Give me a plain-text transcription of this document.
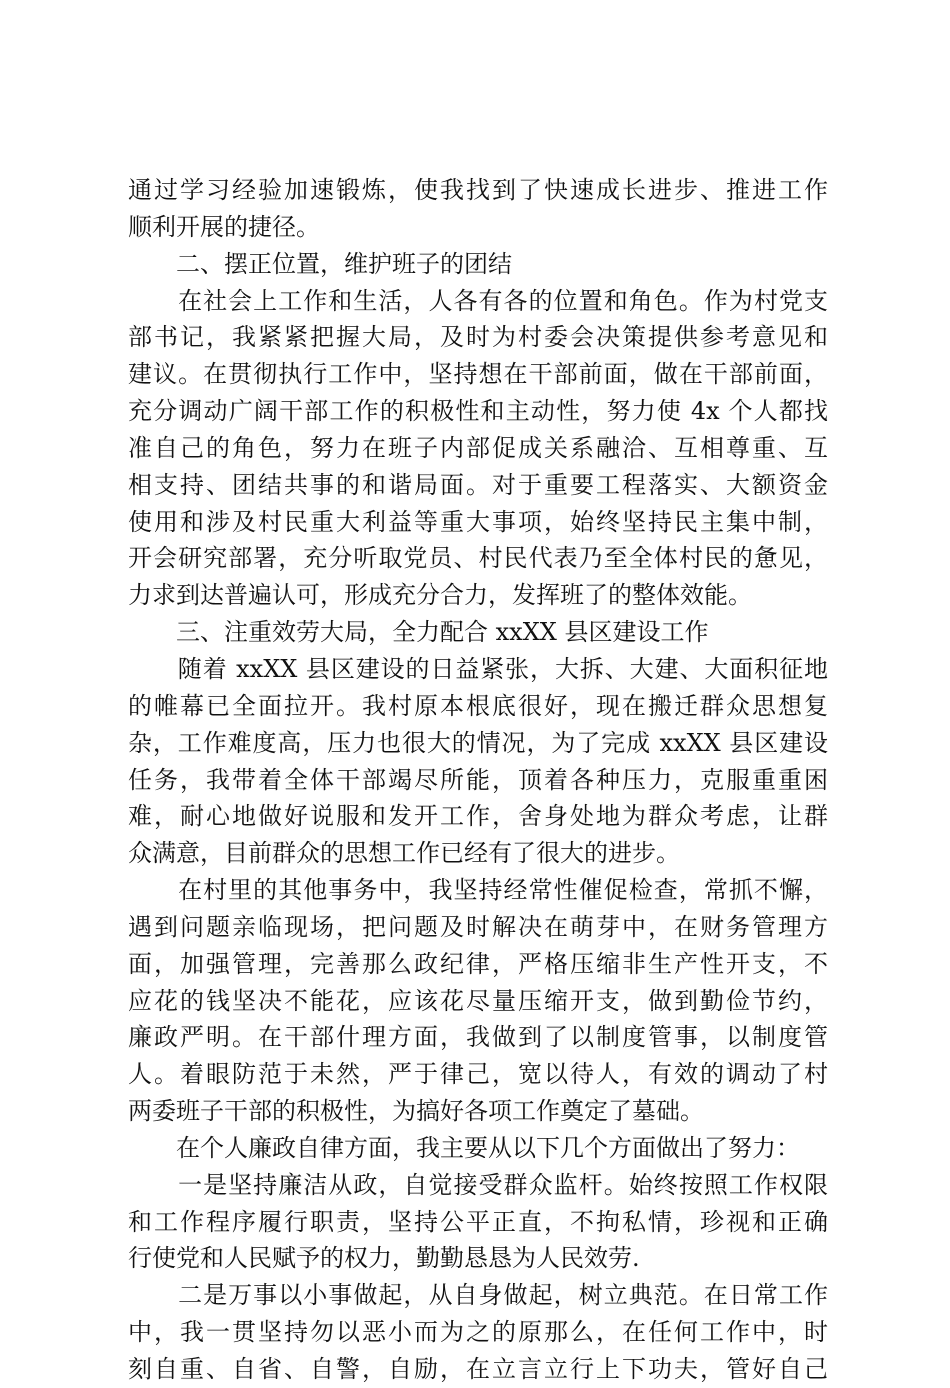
通过学习经验加速锻炼，使我找到了快速成长进步、推进工作
顺利开展的捷径。
　　二、摆正位置，维护班子的团结
　　在社会上工作和生活，人各有各的位置和角色。作为村党支
部书记，我紧紧把握大局，及时为村委会决策提供参考意见和
建议。在贯彻执行工作中，坚持想在干部前面，做在干部前面，
充分调动广阔干部工作的积极性和主动性，努力使 4x 个人都找
准自己的角色，努力在班子内部促成关系融洽、互相尊重、互
相支持、团结共事的和谐局面。对于重要工程落实、大额资金
使用和涉及村民重大利益等重大事项，始终坚持民主集中制，
开会研究部署，充分听取党员、村民代表乃至全体村民的惫见，
力求到达普遍认可，形成充分合力，发挥班了的整体效能。
　　三、注重效劳大局，全力配合 xxXX 县区建设工作
　　随着 xxXX 县区建设的日益紧张，大拆、大建、大面积征地
的帷幕已全面拉开。我村原本根底很好，现在搬迁群众思想复
杂，工作难度高，压力也很大的情况，为了完成 xxXX 县区建设
任务，我带着全体干部竭尽所能，顶着各种压力，克服重重困
难，耐心地做好说服和发开工作，舍身处地为群众考虑，让群
众满意，目前群众的思想工作已经有了很大的进步。
　　在村里的其他事务中，我坚持经常性催促检查，常抓不懈，
遇到问题亲临现场，把问题及时解决在萌芽中，在财务管理方
面，加强管理，完善那么政纪律，严格压缩非生产性开支，不
应花的钱坚决不能花，应该花尽量压缩开支，做到勤俭节约，
廉政严明。在干部什理方面，我做到了以制度管事，以制度管
人。着眼防范于未然，严于律己，宽以待人，有效的调动了村
两委班子干部的积极性，为搞好各项工作奠定了墓础。
　　在个人廉政自律方面，我主要从以下几个方面做出了努力：
　　一是坚持廉洁从政，自觉接受群众监杆。始终按照工作权限
和工作程序履行职责，坚持公平正直，不拘私情，珍视和正确
行使党和人民赋予的权力，勤勤恳恳为人民效劳.
　　二是万事以小事做起，从自身做起，树立典范。在日常工作
中，我一贯坚持勿以恶小而为之的原那么，在任何工作中，时
刻自重、自省、自警，自励，在立言立行上下功夫，管好自己
